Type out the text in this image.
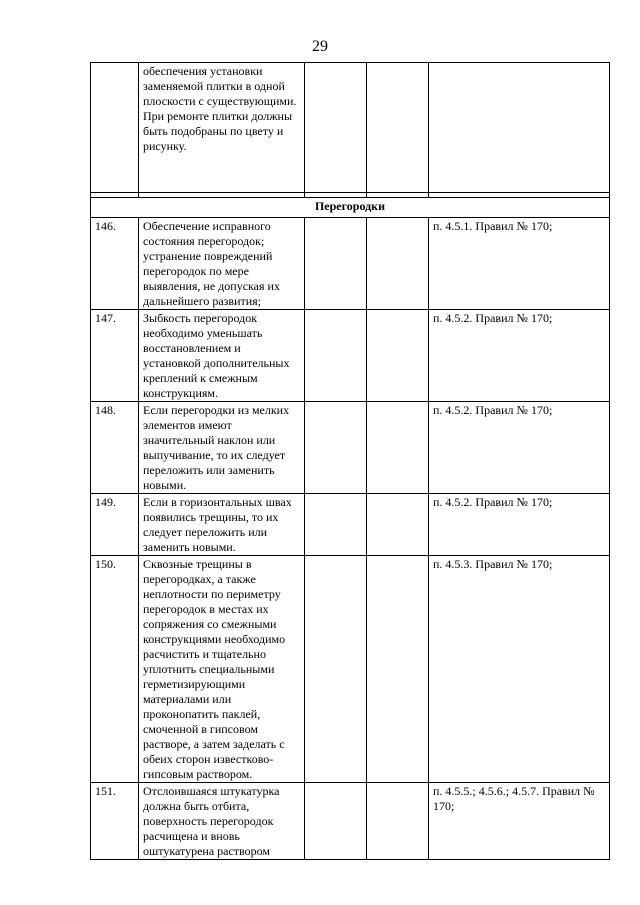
29
	обеспечения установки заменяемой плитки в одной плоскости с существующими. При ремонте плитки должны быть подобраны по цвету и рисунку.			

Перегородки				
146.	Обеспечение исправного состояния перегородок; устранение повреждений перегородок по мере выявления, не допуская их дальнейшего развития;			п. 4.5.1. Правил № 170;
147.	Зыбкость перегородок необходимо уменьшать восстановлением и установкой дополнительных креплений к смежным конструкциям.			п. 4.5.2. Правил № 170;
148.	Если перегородки из мелких элементов имеют значительный наклон или выпучивание, то их следует переложить или заменить новыми.			п. 4.5.2. Правил № 170;
149.	Если в горизонтальных швах появились трещины, то их следует переложить или заменить новыми.			п. 4.5.2. Правил № 170;
150.	Сквозные трещины в перегородках, а также неплотности по периметру перегородок в местах их сопряжения со смежными конструкциями необходимо расчистить и тщательно уплотнить специальными герметизирующими материалами или проконопатить паклей, смоченной в гипсовом растворе, а затем заделать с обеих сторон известково-гипсовым раствором.			п. 4.5.3. Правил № 170;
151.	Отслоившаяся штукатурка должна быть отбита, поверхность перегородок расчищена и вновь оштукатурена раствором			п. 4.5.5.; 4.5.6.; 4.5.7. Правил № 170;
